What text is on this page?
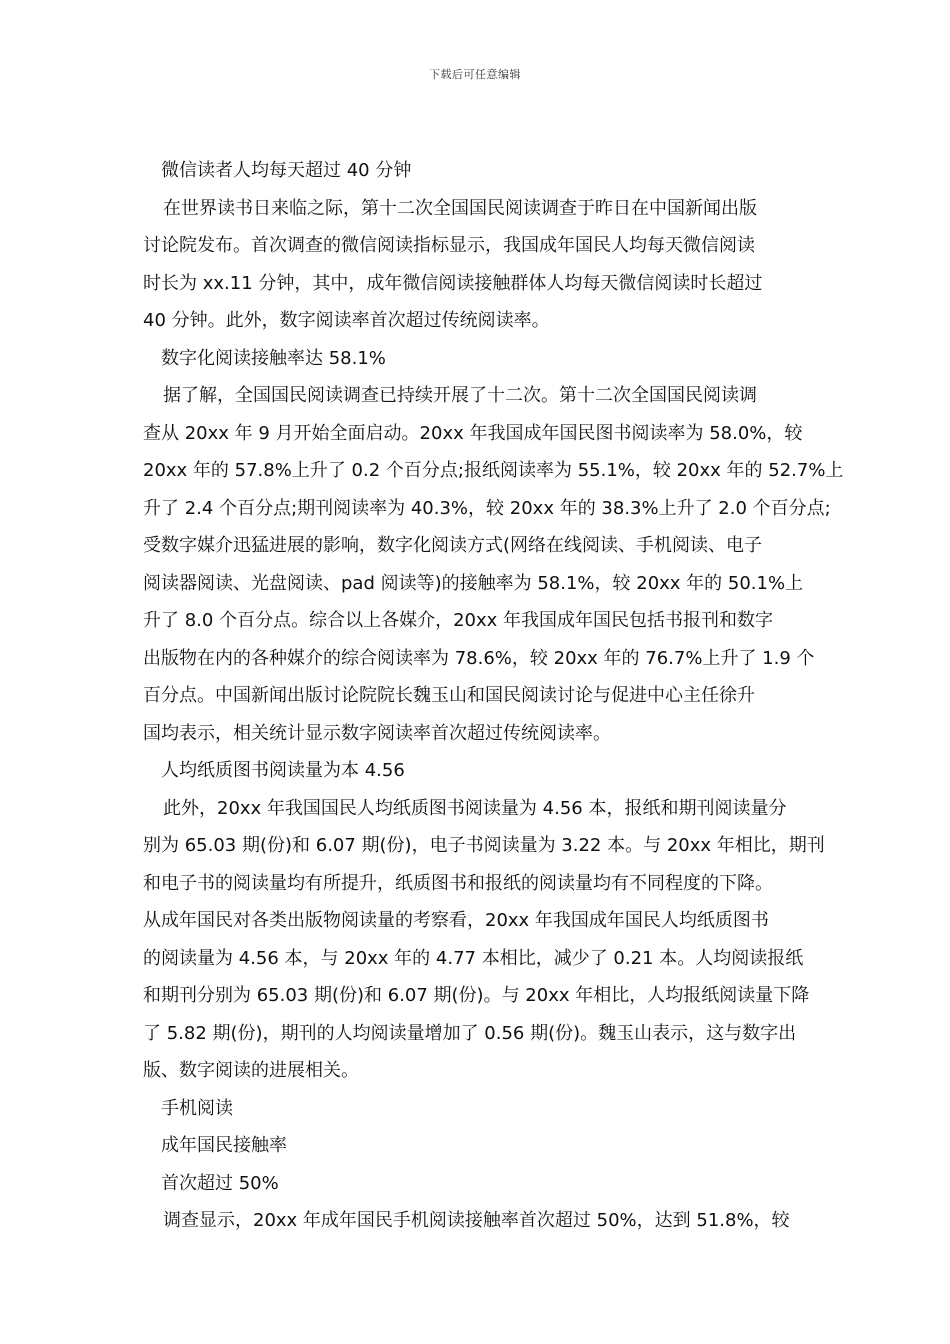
下载后可任意编辑
微信读者人均每天超过 40 分钟
在世界读书日来临之际，第十二次全国国民阅读调查于昨日在中国新闻出版
讨论院发布。首次调查的微信阅读指标显示，我国成年国民人均每天微信阅读
时长为 xx.11 分钟，其中，成年微信阅读接触群体人均每天微信阅读时长超过
40 分钟。此外，数字阅读率首次超过传统阅读率。
数字化阅读接触率达 58.1%
据了解，全国国民阅读调查已持续开展了十二次。第十二次全国国民阅读调
查从 20xx 年 9 月开始全面启动。20xx 年我国成年国民图书阅读率为 58.0%，较
20xx 年的 57.8%上升了 0.2 个百分点;报纸阅读率为 55.1%，较 20xx 年的 52.7%上
升了 2.4 个百分点;期刊阅读率为 40.3%，较 20xx 年的 38.3%上升了 2.0 个百分点;
受数字媒介迅猛进展的影响，数字化阅读方式(网络在线阅读、手机阅读、电子
阅读器阅读、光盘阅读、pad 阅读等)的接触率为 58.1%，较 20xx 年的 50.1%上
升了 8.0 个百分点。综合以上各媒介，20xx 年我国成年国民包括书报刊和数字
出版物在内的各种媒介的综合阅读率为 78.6%，较 20xx 年的 76.7%上升了 1.9 个
百分点。中国新闻出版讨论院院长魏玉山和国民阅读讨论与促进中心主任徐升
国均表示，相关统计显示数字阅读率首次超过传统阅读率。
人均纸质图书阅读量为本 4.56
此外，20xx 年我国国民人均纸质图书阅读量为 4.56 本，报纸和期刊阅读量分
别为 65.03 期(份)和 6.07 期(份)，电子书阅读量为 3.22 本。与 20xx 年相比，期刊
和电子书的阅读量均有所提升，纸质图书和报纸的阅读量均有不同程度的下降。
从成年国民对各类出版物阅读量的考察看，20xx 年我国成年国民人均纸质图书
的阅读量为 4.56 本，与 20xx 年的 4.77 本相比，减少了 0.21 本。人均阅读报纸
和期刊分别为 65.03 期(份)和 6.07 期(份)。与 20xx 年相比，人均报纸阅读量下降
了 5.82 期(份)，期刊的人均阅读量增加了 0.56 期(份)。魏玉山表示，这与数字出
版、数字阅读的进展相关。
手机阅读
成年国民接触率
首次超过 50%
调查显示，20xx 年成年国民手机阅读接触率首次超过 50%，达到 51.8%，较
